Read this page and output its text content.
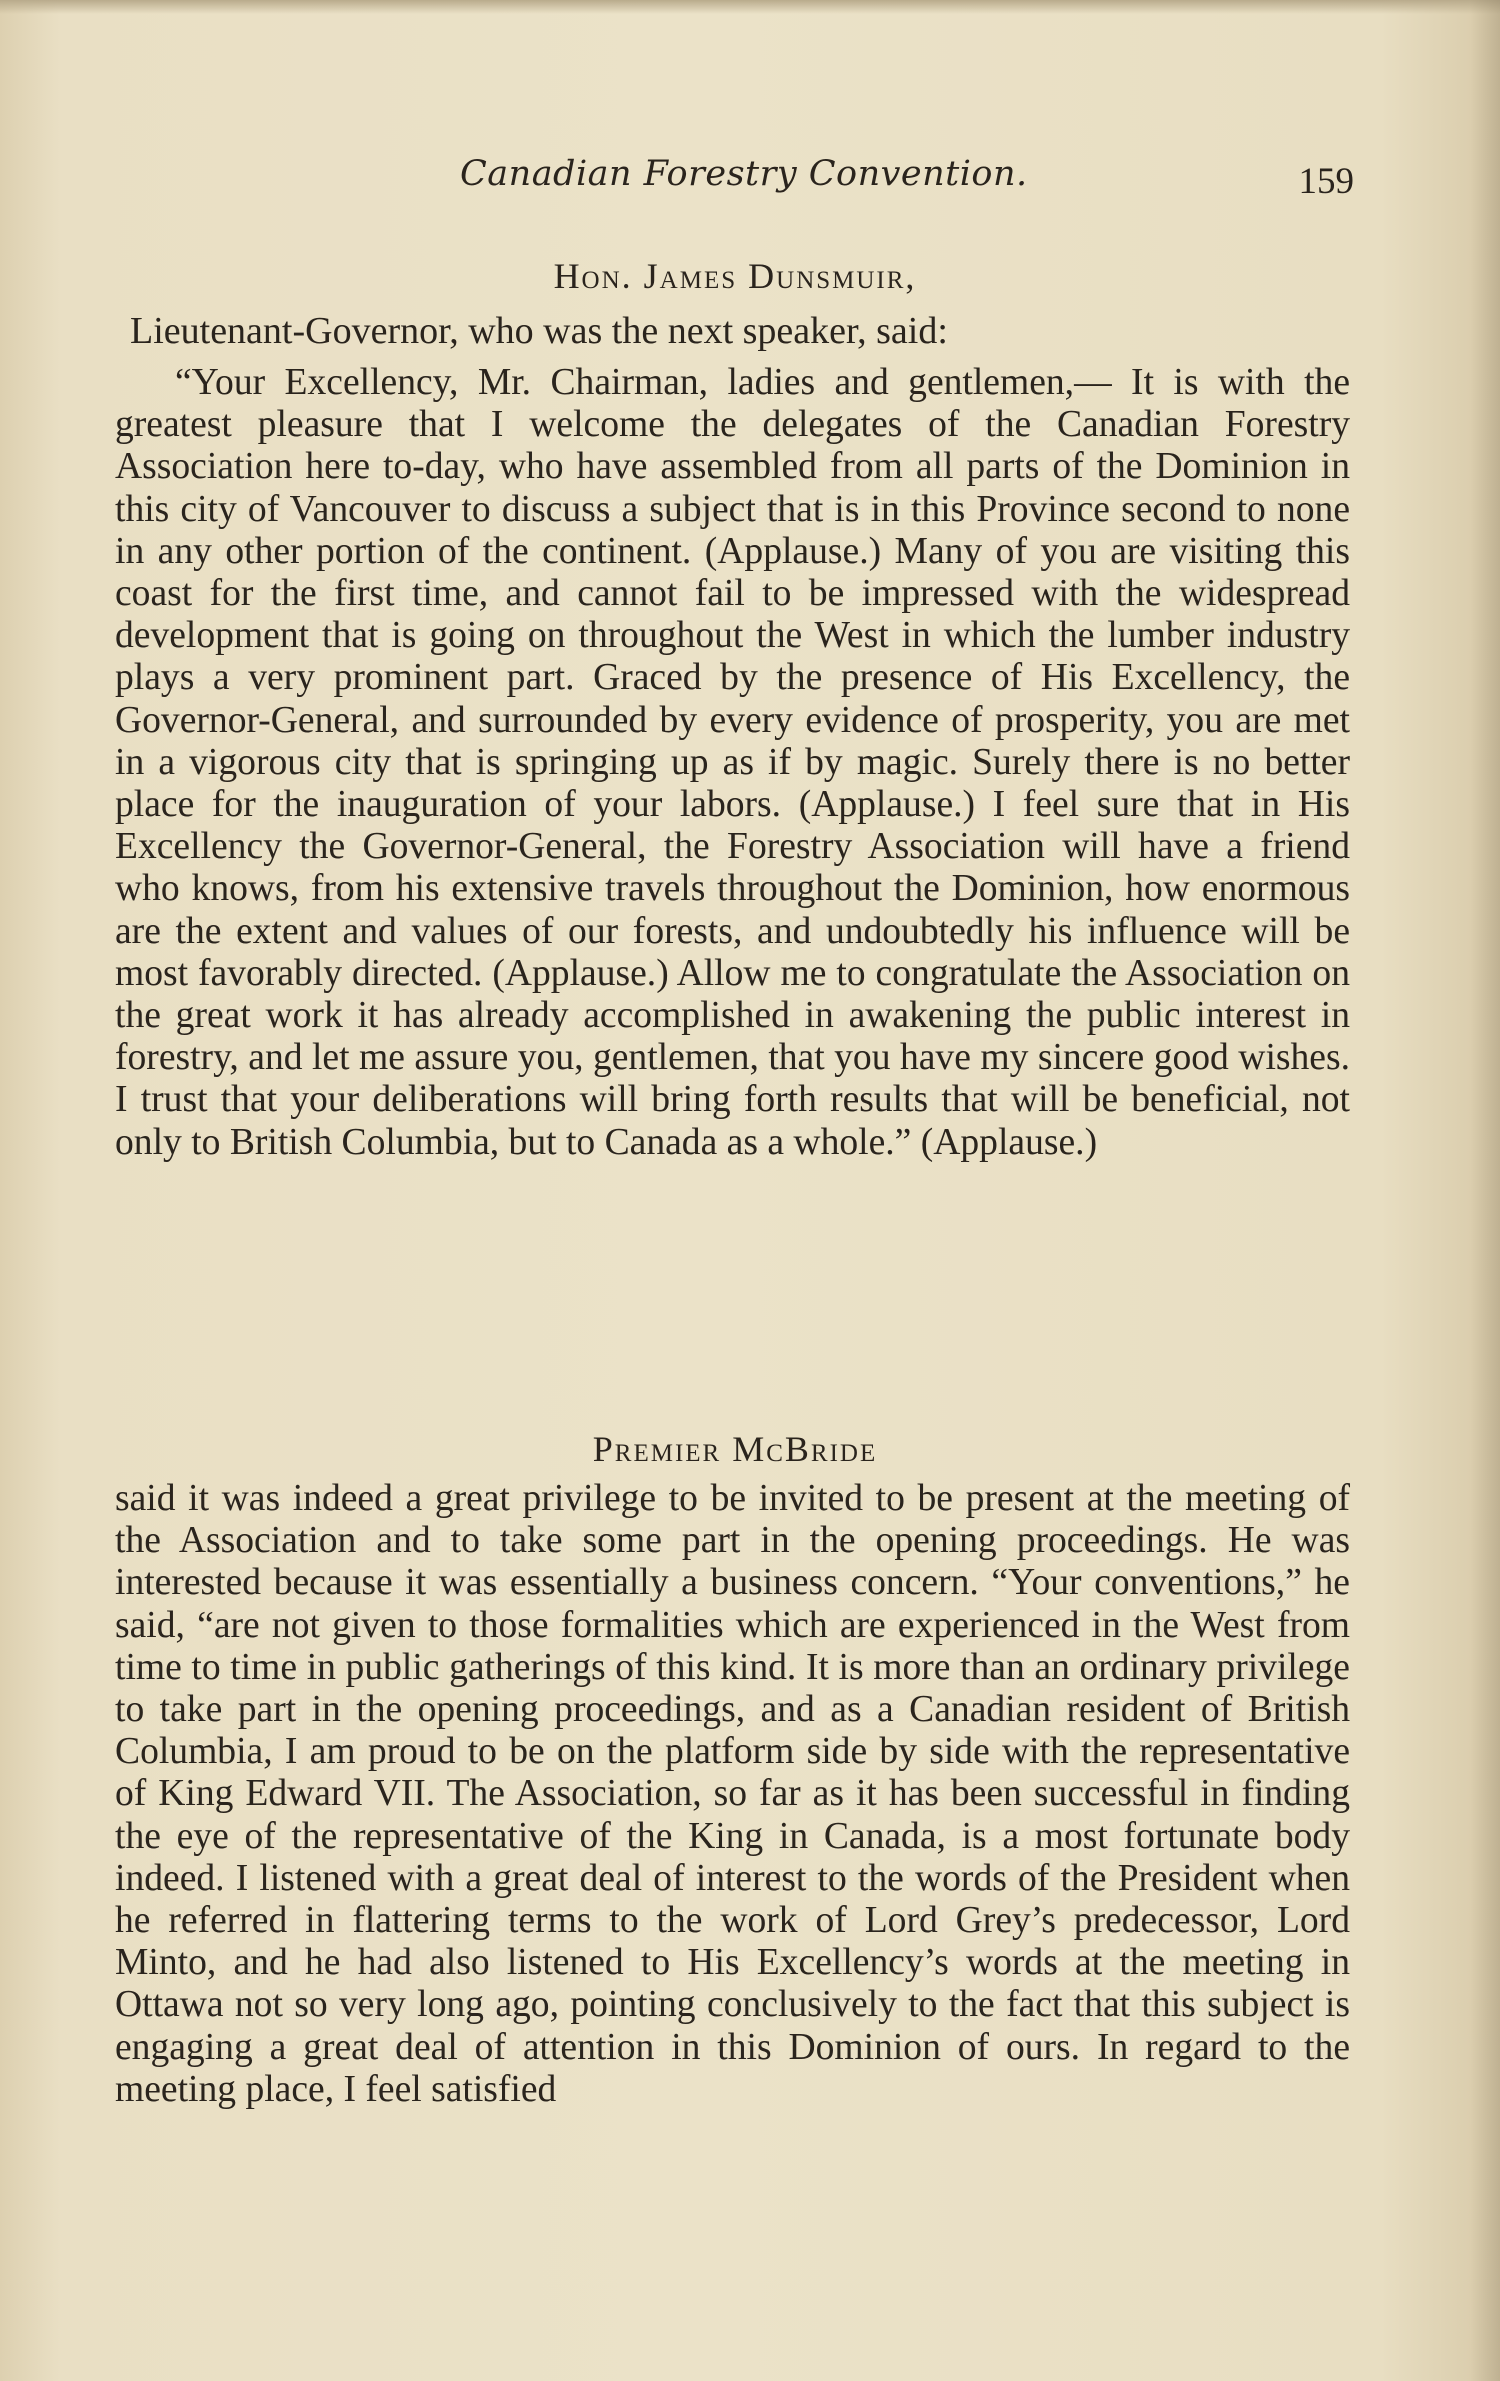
Canadian Forestry Convention.	159
Hon. James Dunsmuir,
Lieutenant-Governor, who was the next speaker, said:
“Your Excellency, Mr. Chairman, ladies and gentlemen,— It is with the greatest pleasure that I welcome the delegates of the Canadian Forestry Association here to-day, who have assembled from all parts of the Dominion in this city of Vancouver to discuss a subject that is in this Province second to none in any other portion of the continent. (Applause.) Many of you are visiting this coast for the first time, and cannot fail to be impressed with the widespread development that is going on throughout the West in which the lumber industry plays a very prominent part. Graced by the presence of His Excellency, the Governor-General, and surrounded by every evidence of prosperity, you are met in a vigorous city that is springing up as if by magic. Surely there is no better place for the inauguration of your labors. (Applause.) I feel sure that in His Excellency the Governor-General, the Forestry Association will have a friend who knows, from his extensive travels throughout the Dominion, how enormous are the extent and values of our forests, and undoubtedly his influence will be most favorably directed. (Applause.) Allow me to congratulate the Association on the great work it has already accomplished in awakening the public interest in forestry, and let me assure you, gentlemen, that you have my sincere good wishes. I trust that your deliberations will bring forth results that will be beneficial, not only to British Columbia, but to Canada as a whole.” (Applause.)
Premier McBride
said it was indeed a great privilege to be invited to be present at the meeting of the Association and to take some part in the opening proceedings. He was interested because it was essentially a business concern. “Your conventions,” he said, “are not given to those formalities which are experienced in the West from time to time in public gatherings of this kind. It is more than an ordinary privilege to take part in the opening proceedings, and as a Canadian resident of British Columbia, I am proud to be on the platform side by side with the representative of King Edward VII. The Association, so far as it has been successful in finding the eye of the representative of the King in Canada, is a most fortunate body indeed. I listened with a great deal of interest to the words of the President when he referred in flattering terms to the work of Lord Grey’s predecessor, Lord Minto, and he had also listened to His Excellency’s words at the meeting in Ottawa not so very long ago, pointing conclusively to the fact that this subject is engaging a great deal of attention in this Dominion of ours. In regard to the meeting place, I feel satisfied
